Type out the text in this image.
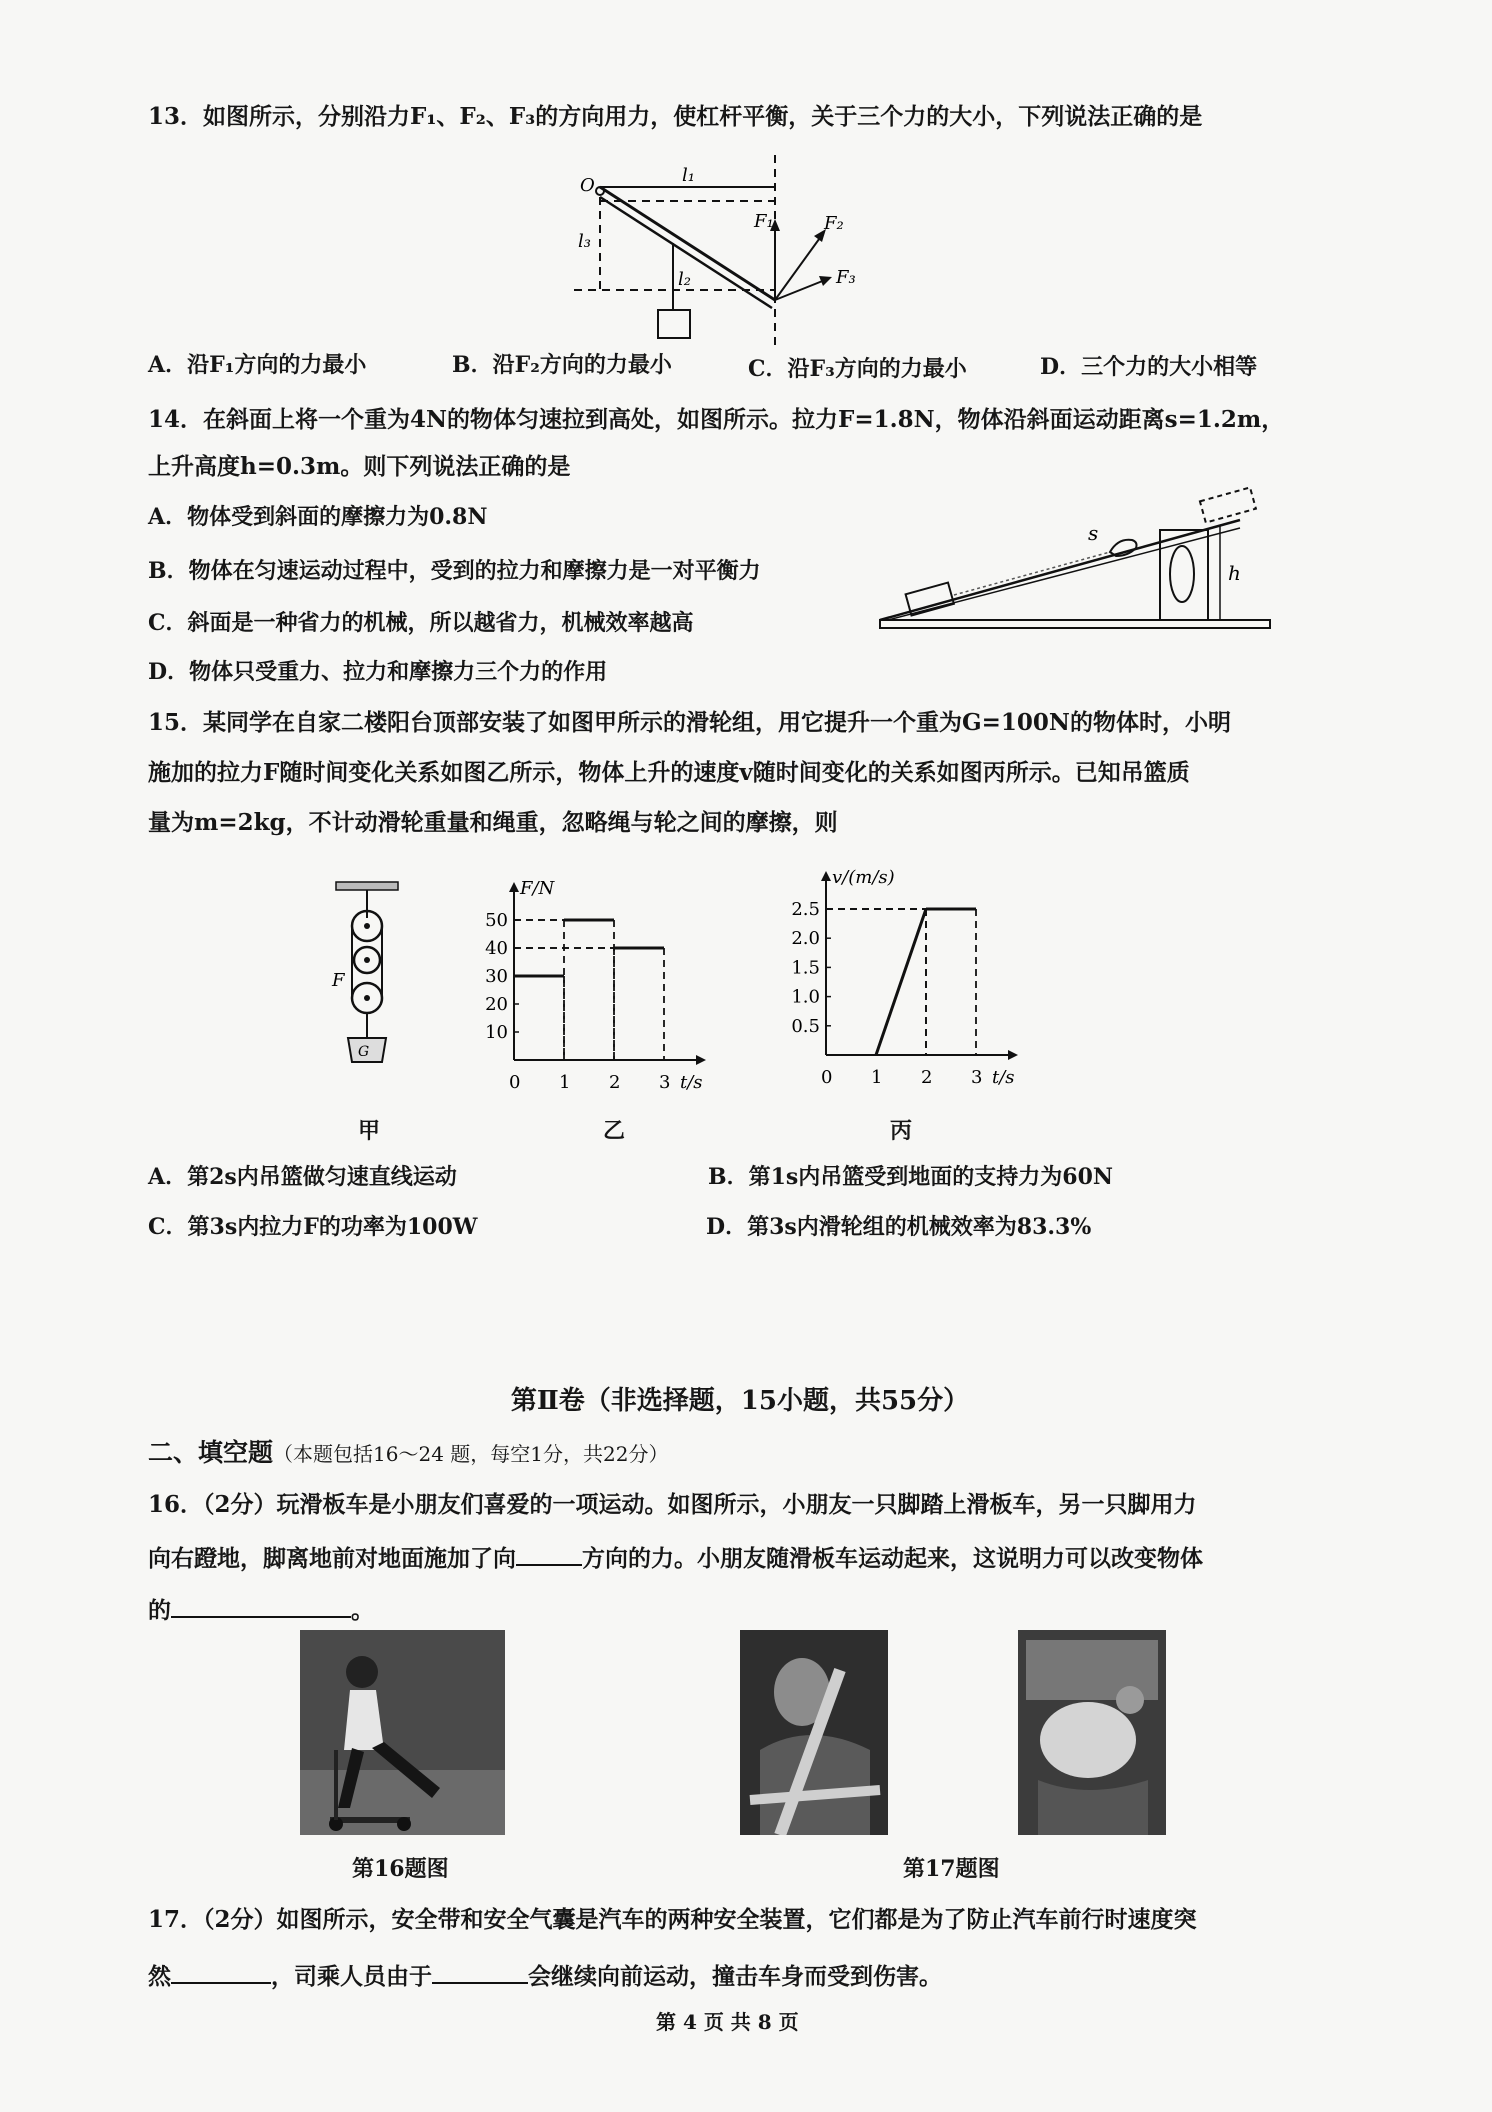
13．如图所示，分别沿力F₁、F₂、F₃的方向用力，使杠杆平衡，关于三个力的大小，下列说法正确的是
O	l₁
l₃
l₂
F₁	F₂
F₃
A．沿F₁方向的力最小	B．沿F₂方向的力最小	C．沿F₃方向的力最小	D．三个力的大小相等
14．在斜面上将一个重为4N的物体匀速拉到高处，如图所示。拉力F=1.8N，物体沿斜面运动距离s=1.2m，
上升高度h=0.3m。则下列说法正确的是
A．物体受到斜面的摩擦力为0.8N
B．物体在匀速运动过程中，受到的拉力和摩擦力是一对平衡力
C．斜面是一种省力的机械，所以越省力，机械效率越高
D．物体只受重力、拉力和摩擦力三个力的作用
s
h
15．某同学在自家二楼阳台顶部安装了如图甲所示的滑轮组，用它提升一个重为G=100N的物体时，小明
施加的拉力F随时间变化关系如图乙所示，物体上升的速度v随时间变化的关系如图丙所示。已知吊篮质
量为m=2kg，不计动滑轮重量和绳重，忽略绳与轮之间的摩擦，则
G
F
甲
t/s
F/N
0 1 2 3
10
20
30
40
50
乙
t/s
v/(m/s)
0 1 2 3
0.5
1.0
1.5
2.0
2.5
丙
A．第2s内吊篮做匀速直线运动	B．第1s内吊篮受到地面的支持力为60N
C．第3s内拉力F的功率为100W	D．第3s内滑轮组的机械效率为83.3%
第Ⅱ卷（非选择题，15小题，共55分）
二、填空题（本题包括16～24 题，每空1分，共22分）
16．（2分）玩滑板车是小朋友们喜爱的一项运动。如图所示，小朋友一只脚踏上滑板车，另一只脚用力
向右蹬地，脚离地前对地面施加了向	方向的力。小朋友随滑板车运动起来，这说明力可以改变物体
的	。
第16题图	第17题图
17．（2分）如图所示，安全带和安全气囊是汽车的两种安全装置，它们都是为了防止汽车前行时速度突
然	，司乘人员由于	会继续向前运动，撞击车身而受到伤害。
第 4 页 共 8 页
